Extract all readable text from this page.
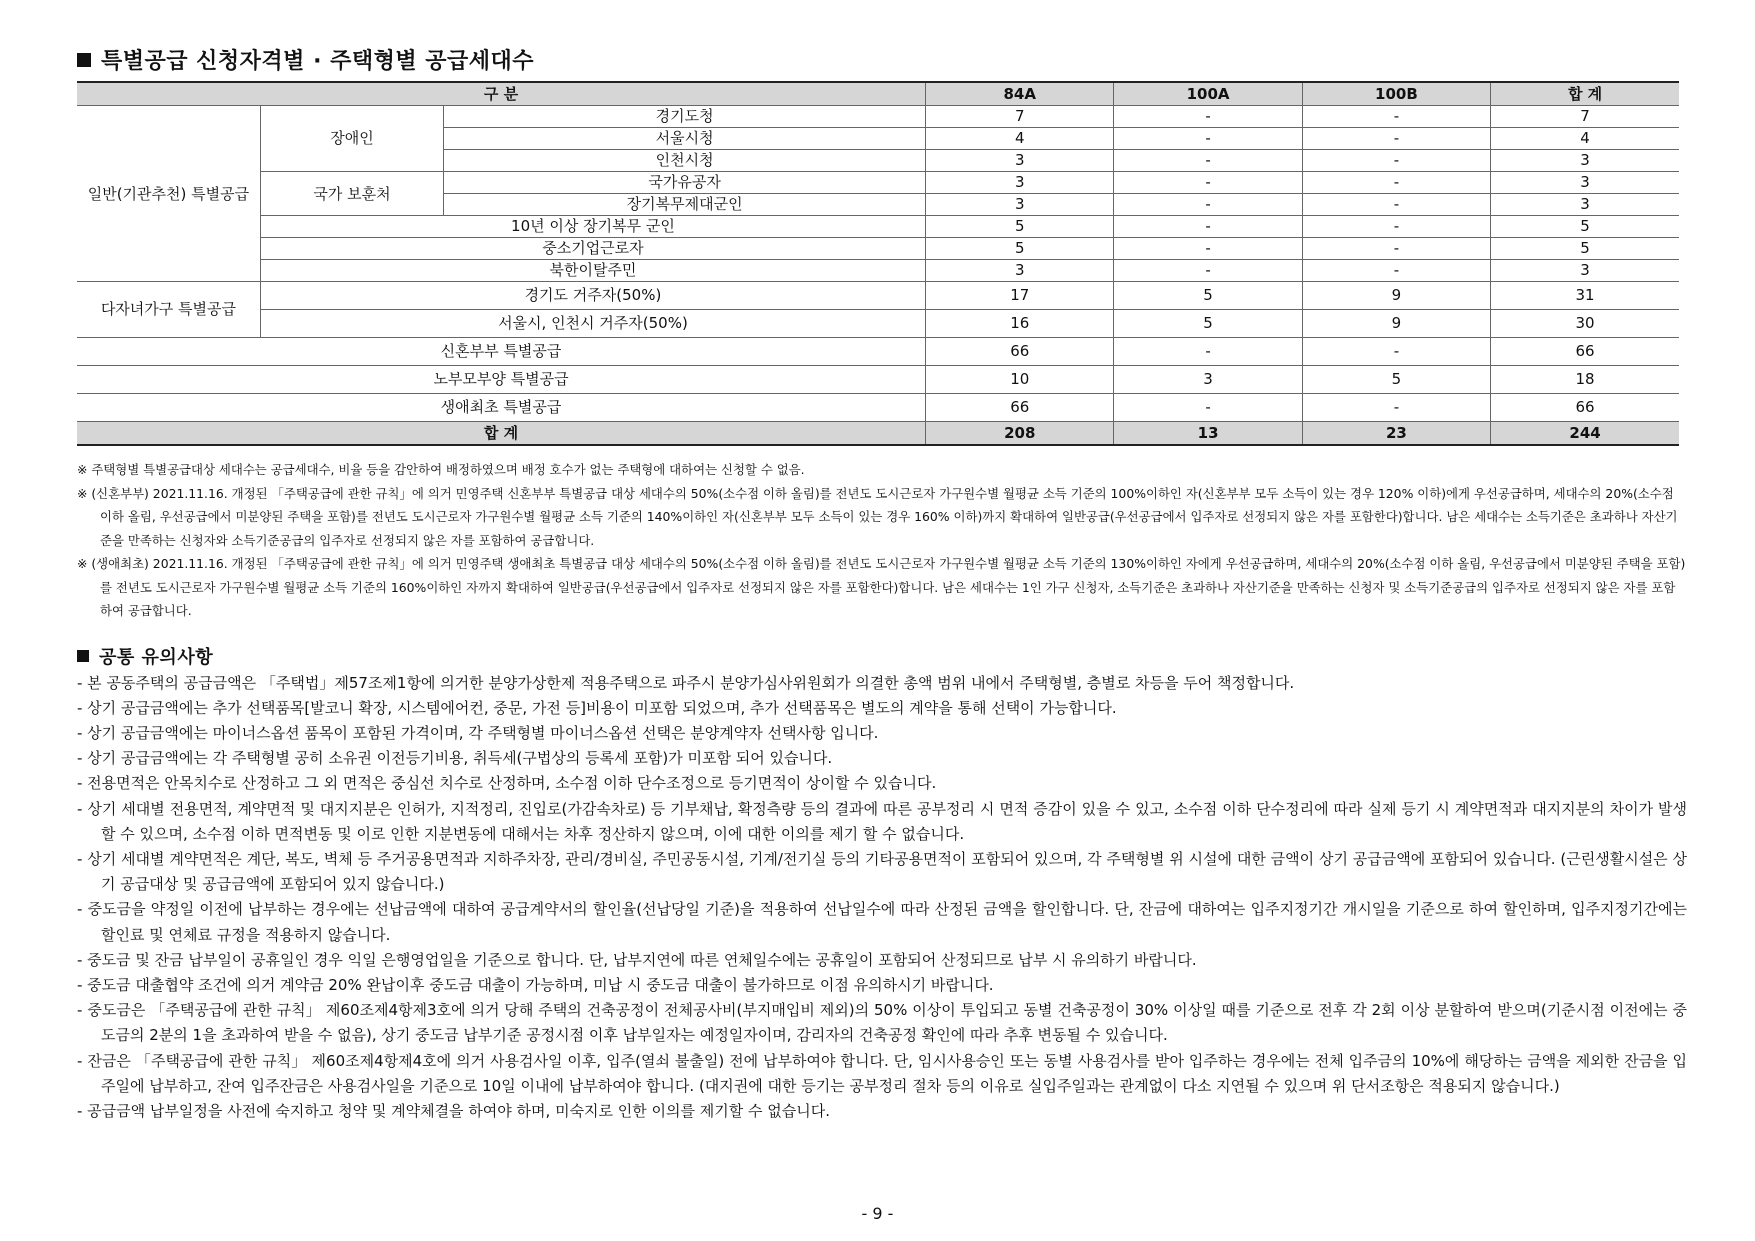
특별공급 신청자격별 · 주택형별 공급세대수
구 분			84A	100A	100B	합 계
일반(기관추천) 특별공급	장애인	경기도청	7	-	-	7
		서울시청	4	-	-	4
		인천시청	3	-	-	3
	국가 보훈처	국가유공자	3	-	-	3
		장기복무제대군인	3	-	-	3
	10년 이상 장기복무 군인		5	-	-	5
	중소기업근로자		5	-	-	5
	북한이탈주민		3	-	-	3
다자녀가구 특별공급	경기도 거주자(50%)		17	5	9	31
	서울시, 인천시 거주자(50%)		16	5	9	30
신혼부부 특별공급			66	-	-	66
노부모부양 특별공급			10	3	5	18
생애최초 특별공급			66	-	-	66
합 계			208	13	23	244
※ 주택형별 특별공급대상 세대수는 공급세대수, 비율 등을 감안하여 배정하였으며 배정 호수가 없는 주택형에 대하여는 신청할 수 없음.
※ (신혼부부) 2021.11.16. 개정된 「주택공급에 관한 규칙」에 의거 민영주택 신혼부부 특별공급 대상 세대수의 50%(소수점 이하 올림)를 전년도 도시근로자 가구원수별 월평균 소득 기준의 100%이하인 자(신혼부부 모두 소득이 있는 경우 120% 이하)에게 우선공급하며, 세대수의 20%(소수점 이하 올림, 우선공급에서 미분양된 주택을 포함)를 전년도 도시근로자 가구원수별 월평균 소득 기준의 140%이하인 자(신혼부부 모두 소득이 있는 경우 160% 이하)까지 확대하여 일반공급(우선공급에서 입주자로 선정되지 않은 자를 포함한다)합니다. 남은 세대수는 소득기준은 초과하나 자산기준을 만족하는 신청자와 소득기준공급의 입주자로 선정되지 않은 자를 포함하여 공급합니다.
※ (생애최초) 2021.11.16. 개정된 「주택공급에 관한 규칙」에 의거 민영주택 생애최초 특별공급 대상 세대수의 50%(소수점 이하 올림)를 전년도 도시근로자 가구원수별 월평균 소득 기준의 130%이하인 자에게 우선공급하며, 세대수의 20%(소수점 이하 올림, 우선공급에서 미분양된 주택을 포함)를 전년도 도시근로자 가구원수별 월평균 소득 기준의 160%이하인 자까지 확대하여 일반공급(우선공급에서 입주자로 선정되지 않은 자를 포함한다)합니다. 남은 세대수는 1인 가구 신청자, 소득기준은 초과하나 자산기준을 만족하는 신청자 및 소득기준공급의 입주자로 선정되지 않은 자를 포함하여 공급합니다.
공통 유의사항
- 본 공동주택의 공급금액은 「주택법」제57조제1항에 의거한 분양가상한제 적용주택으로 파주시 분양가심사위원회가 의결한 총액 범위 내에서 주택형별, 층별로 차등을 두어 책정합니다.
- 상기 공급금액에는 추가 선택품목[발코니 확장, 시스템에어컨, 중문, 가전 등]비용이 미포함 되었으며, 추가 선택품목은 별도의 계약을 통해 선택이 가능합니다.
- 상기 공급금액에는 마이너스옵션 품목이 포함된 가격이며, 각 주택형별 마이너스옵션 선택은 분양계약자 선택사항 입니다.
- 상기 공급금액에는 각 주택형별 공히 소유권 이전등기비용, 취득세(구법상의 등록세 포함)가 미포함 되어 있습니다.
- 전용면적은 안목치수로 산정하고 그 외 면적은 중심선 치수로 산정하며, 소수점 이하 단수조정으로 등기면적이 상이할 수 있습니다.
- 상기 세대별 전용면적, 계약면적 및 대지지분은 인허가, 지적정리, 진입로(가감속차로) 등 기부채납, 확정측량 등의 결과에 따른 공부정리 시 면적 증감이 있을 수 있고, 소수점 이하 단수정리에 따라 실제 등기 시 계약면적과 대지지분의 차이가 발생할 수 있으며, 소수점 이하 면적변동 및 이로 인한 지분변동에 대해서는 차후 정산하지 않으며, 이에 대한 이의를 제기 할 수 없습니다.
- 상기 세대별 계약면적은 계단, 복도, 벽체 등 주거공용면적과 지하주차장, 관리/경비실, 주민공동시설, 기계/전기실 등의 기타공용면적이 포함되어 있으며, 각 주택형별 위 시설에 대한 금액이 상기 공급금액에 포함되어 있습니다. (근린생활시설은 상기 공급대상 및 공급금액에 포함되어 있지 않습니다.)
- 중도금을 약정일 이전에 납부하는 경우에는 선납금액에 대하여 공급계약서의 할인율(선납당일 기준)을 적용하여 선납일수에 따라 산정된 금액을 할인합니다. 단, 잔금에 대하여는 입주지정기간 개시일을 기준으로 하여 할인하며, 입주지정기간에는 할인료 및 연체료 규정을 적용하지 않습니다.
- 중도금 및 잔금 납부일이 공휴일인 경우 익일 은행영업일을 기준으로 합니다. 단, 납부지연에 따른 연체일수에는 공휴일이 포함되어 산정되므로 납부 시 유의하기 바랍니다.
- 중도금 대출협약 조건에 의거 계약금 20% 완납이후 중도금 대출이 가능하며, 미납 시 중도금 대출이 불가하므로 이점 유의하시기 바랍니다.
- 중도금은 「주택공급에 관한 규칙」 제60조제4항제3호에 의거 당해 주택의 건축공정이 전체공사비(부지매입비 제외)의 50% 이상이 투입되고 동별 건축공정이 30% 이상일 때를 기준으로 전후 각 2회 이상 분할하여 받으며(기준시점 이전에는 중도금의 2분의 1을 초과하여 받을 수 없음), 상기 중도금 납부기준 공정시점 이후 납부일자는 예정일자이며, 감리자의 건축공정 확인에 따라 추후 변동될 수 있습니다.
- 잔금은 「주택공급에 관한 규칙」 제60조제4항제4호에 의거 사용검사일 이후, 입주(열쇠 불출일) 전에 납부하여야 합니다. 단, 임시사용승인 또는 동별 사용검사를 받아 입주하는 경우에는 전체 입주금의 10%에 해당하는 금액을 제외한 잔금을 입주일에 납부하고, 잔여 입주잔금은 사용검사일을 기준으로 10일 이내에 납부하여야 합니다. (대지권에 대한 등기는 공부정리 절차 등의 이유로 실입주일과는 관계없이 다소 지연될 수 있으며 위 단서조항은 적용되지 않습니다.)
- 공급금액 납부일정을 사전에 숙지하고 청약 및 계약체결을 하여야 하며, 미숙지로 인한 이의를 제기할 수 없습니다.
- 9 -
